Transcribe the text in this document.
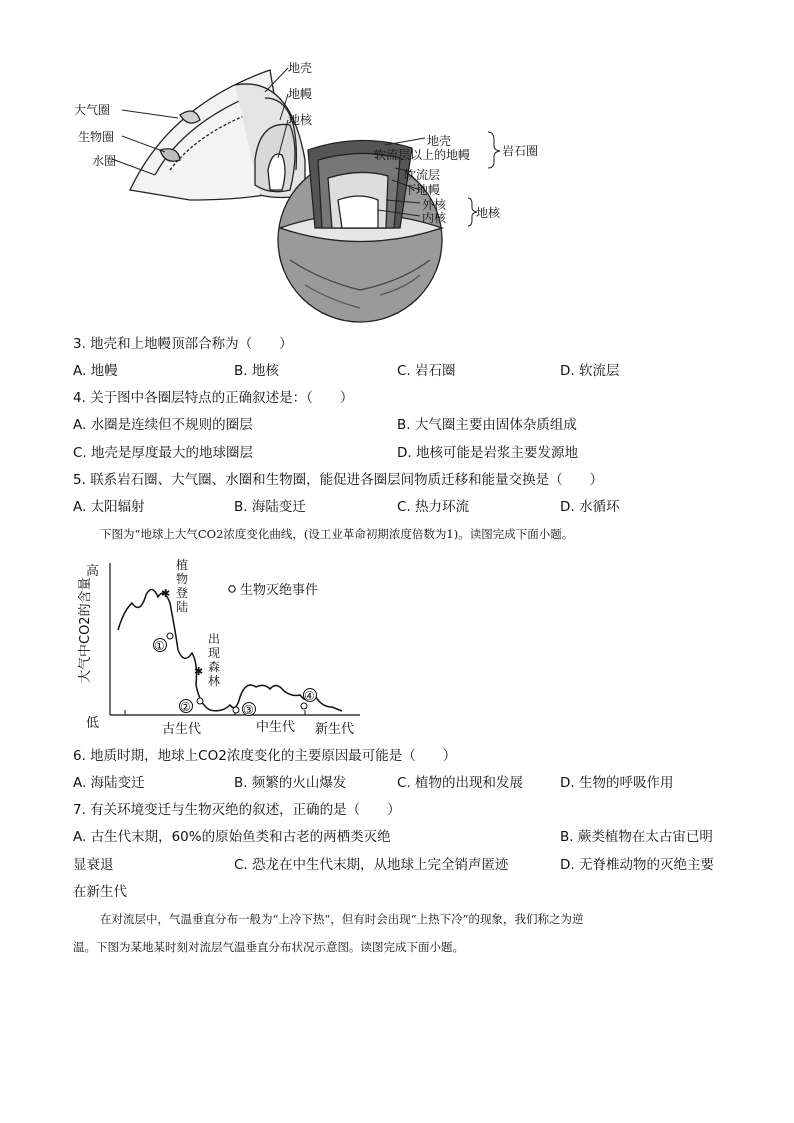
大气圈
生物圈
水圈
地壳
地幔
地核
地壳
软流层以上的地幔
软流层
下地幔
外核
内核
岩石圈
地核
3. 地壳和上地幔顶部合称为（　　）
A. 地幔	B. 地核	C. 岩石圈	D. 软流层
4. 关于图中各圈层特点的正确叙述是：（　　）
A. 水圈是连续但不规则的圈层	B. 大气圈主要由固体杂质组成
C. 地壳是厚度最大的地球圈层	D. 地核可能是岩浆主要发源地
5. 联系岩石圈、大气圈、水圈和生物圈，能促进各圈层间物质迁移和能量交换是（　　）
A. 太阳辐射	B. 海陆变迁	C. 热力环流	D. 水循环
下图为“地球上大气CO2浓度变化曲线，(设工业革命初期浓度倍数为1)。读图完成下面小题。
大气中CO2的含量
高
低	古生代	中生代 新生代
✱
植物登陆
✱
出现森林
生物灭绝事件
①
②	③
④
6. 地质时期，地球上CO2浓度变化的主要原因最可能是（　　）
A. 海陆变迁	B. 频繁的火山爆发	C. 植物的出现和发展	D. 生物的呼吸作用
7. 有关环境变迁与生物灭绝的叙述，正确的是（　　）
A. 古生代末期，60%的原始鱼类和古老的两栖类灭绝	B. 蕨类植物在太古宙已明
显衰退	C. 恐龙在中生代末期，从地球上完全销声匿迹	D. 无脊椎动物的灭绝主要
在新生代
在对流层中，气温垂直分布一般为“上冷下热“，但有时会出现“上热下冷”的现象，我们称之为逆
温。下图为某地某时刻对流层气温垂直分布状况示意图。读图完成下面小题。
